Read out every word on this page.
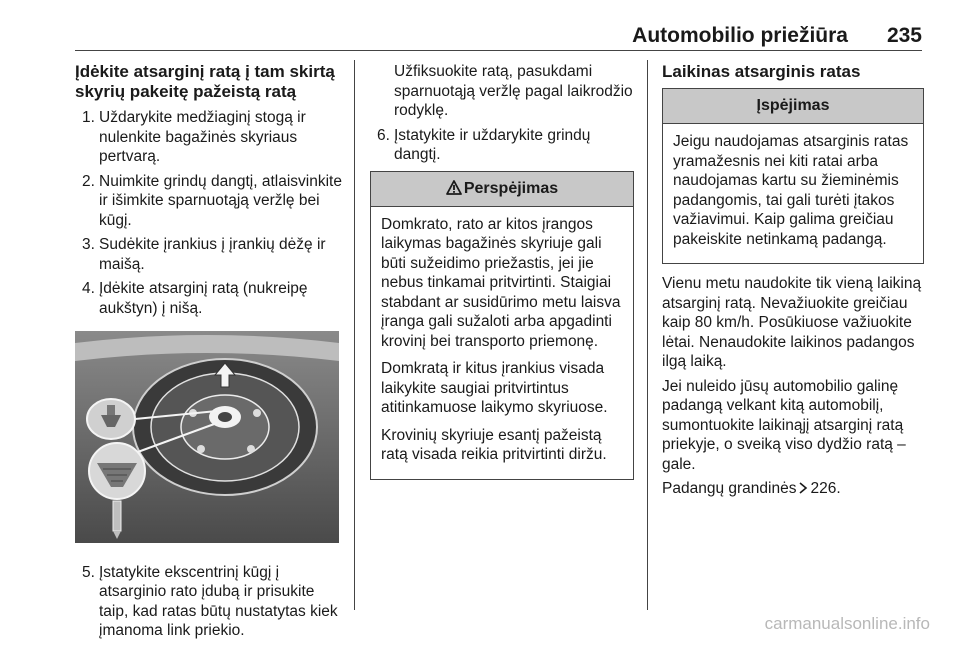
Automobilio priežiūra 235
Įdėkite atsarginį ratą į tam skirtą skyrių pakeitę pažeistą ratą
1. Uždarykite medžiaginį stogą ir nulenkite bagažinės skyriaus pertvarą.
2. Nuimkite grindų dangtį, atlaisvinkite ir išimkite sparnuotąją veržlę bei kūgį.
3. Sudėkite įrankius į įrankių dėžę ir maišą.
4. Įdėkite atsarginį ratą (nukreipę aukštyn) į nišą.
5. Įstatykite ekscentrinį kūgį į atsarginio rato įdubą ir prisukite taip, kad ratas būtų nustatytas kiek įmanoma link priekio.

Užfiksuokite ratą, pasukdami sparnuotąją veržlę pagal laikrodžio rodyklę.

6. Įstatykite ir uždarykite grindų dangtį.
Perspėjimas

Domkrato, rato ar kitos įrangos laikymas bagažinės skyriuje gali būti sužeidimo priežastis, jei jie nebus tinkamai pritvirtinti. Staigiai stabdant ar susidūrimo metu laisva įranga gali sužaloti arba apgadinti krovinį bei transporto priemonę.

Domkratą ir kitus įrankius visada laikykite saugiai pritvirtintus atitinkamuose laikymo skyriuose.

Krovinių skyriuje esantį pažeistą ratą visada reikia pritvirtinti diržu.

Laikinas atsarginis ratas
Įspėjimas

Jeigu naudojamas atsarginis ratas yramažesnis nei kiti ratai arba naudojamas kartu su žieminėmis padangomis, tai gali turėti įtakos važiavimui. Kaip galima greičiau pakeiskite netinkamą padangą.

Vienu metu naudokite tik vieną laikiną atsarginį ratą. Nevažiuokite greičiau kaip 80 km/h. Posūkiuose važiuokite lėtai. Nenaudokite laikinos padangos ilgą laiką.

Jei nuleido jūsų automobilio galinę padangą velkant kitą automobilį, sumontuokite laikinąjį atsarginį ratą priekyje, o sveiką viso dydžio ratą – gale.

Padangų grandinės 226.

carmanualsonline.info
